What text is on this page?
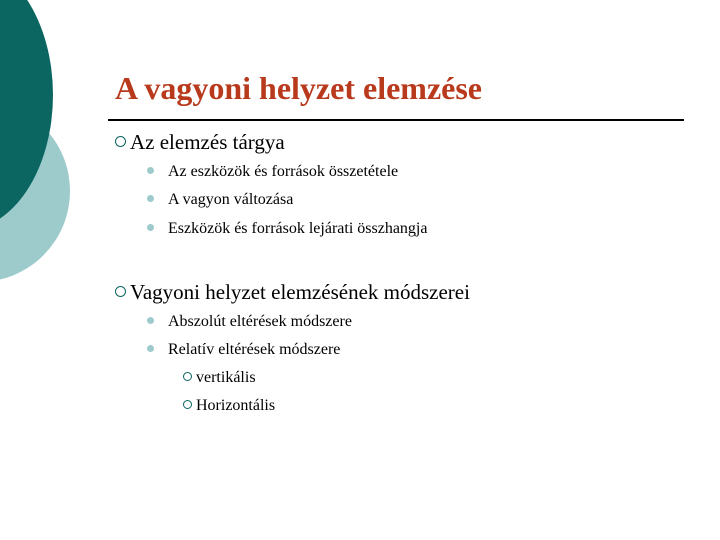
A vagyoni helyzet elemzése
Az elemzés tárgya
Az eszközök és források összetétele
A vagyon változása
Eszközök és források lejárati összhangja
Vagyoni helyzet elemzésének módszerei
Abszolút eltérések módszere
Relatív eltérések módszere
vertikális
Horizontális
